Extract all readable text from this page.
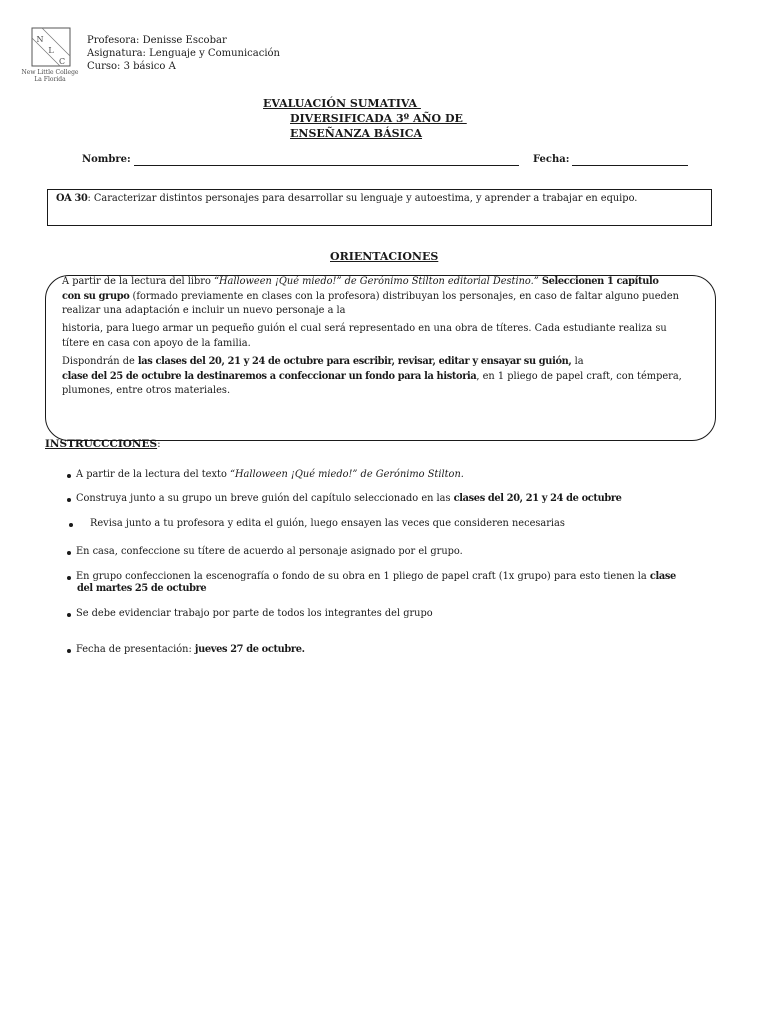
N
L
C
New Little College
La Florida
Profesora: Denisse Escobar
Asignatura: Lenguaje y Comunicación
Curso: 3 básico A
EVALUACIÓN SUMATIVA
DIVERSIFICADA 3º AÑO DE
ENSEÑANZA BÁSICA
Nombre:	Fecha:
OA 30: Caracterizar distintos personajes para desarrollar su lenguaje y autoestima, y aprender a trabajar en equipo.
ORIENTACIONES
A partir de la lectura del libro “Halloween ¡Qué miedo!” de Gerónimo Stilton editorial Destino.” Seleccionen 1 capítulo
con su grupo (formado previamente en clases con la profesora) distribuyan los personajes, en caso de faltar alguno pueden
realizar una adaptación e incluir un nuevo personaje a la
historia, para luego armar un pequeño guión el cual será representado en una obra de títeres. Cada estudiante realiza su
títere en casa con apoyo de la familia.
Dispondrán de las clases del 20, 21 y 24 de octubre para escribir, revisar, editar y ensayar su guión, la
clase del 25 de octubre la destinaremos a confeccionar un fondo para la historia, en 1 pliego de papel craft, con témpera,
plumones, entre otros materiales.
INSTRUCCCIONES:
A partir de la lectura del texto “Halloween ¡Qué miedo!” de Gerónimo Stilton.
Construya junto a su grupo un breve guión del capítulo seleccionado en las clases del 20, 21 y 24 de octubre
Revisa junto a tu profesora y edita el guión, luego ensayen las veces que consideren necesarias
En casa, confeccione su títere de acuerdo al personaje asignado por el grupo.
En grupo confeccionen la escenografía o fondo de su obra en 1 pliego de papel craft (1x grupo) para esto tienen la clase
del martes 25 de octubre
Se debe evidenciar trabajo por parte de todos los integrantes del grupo
Fecha de presentación: jueves 27 de octubre.
